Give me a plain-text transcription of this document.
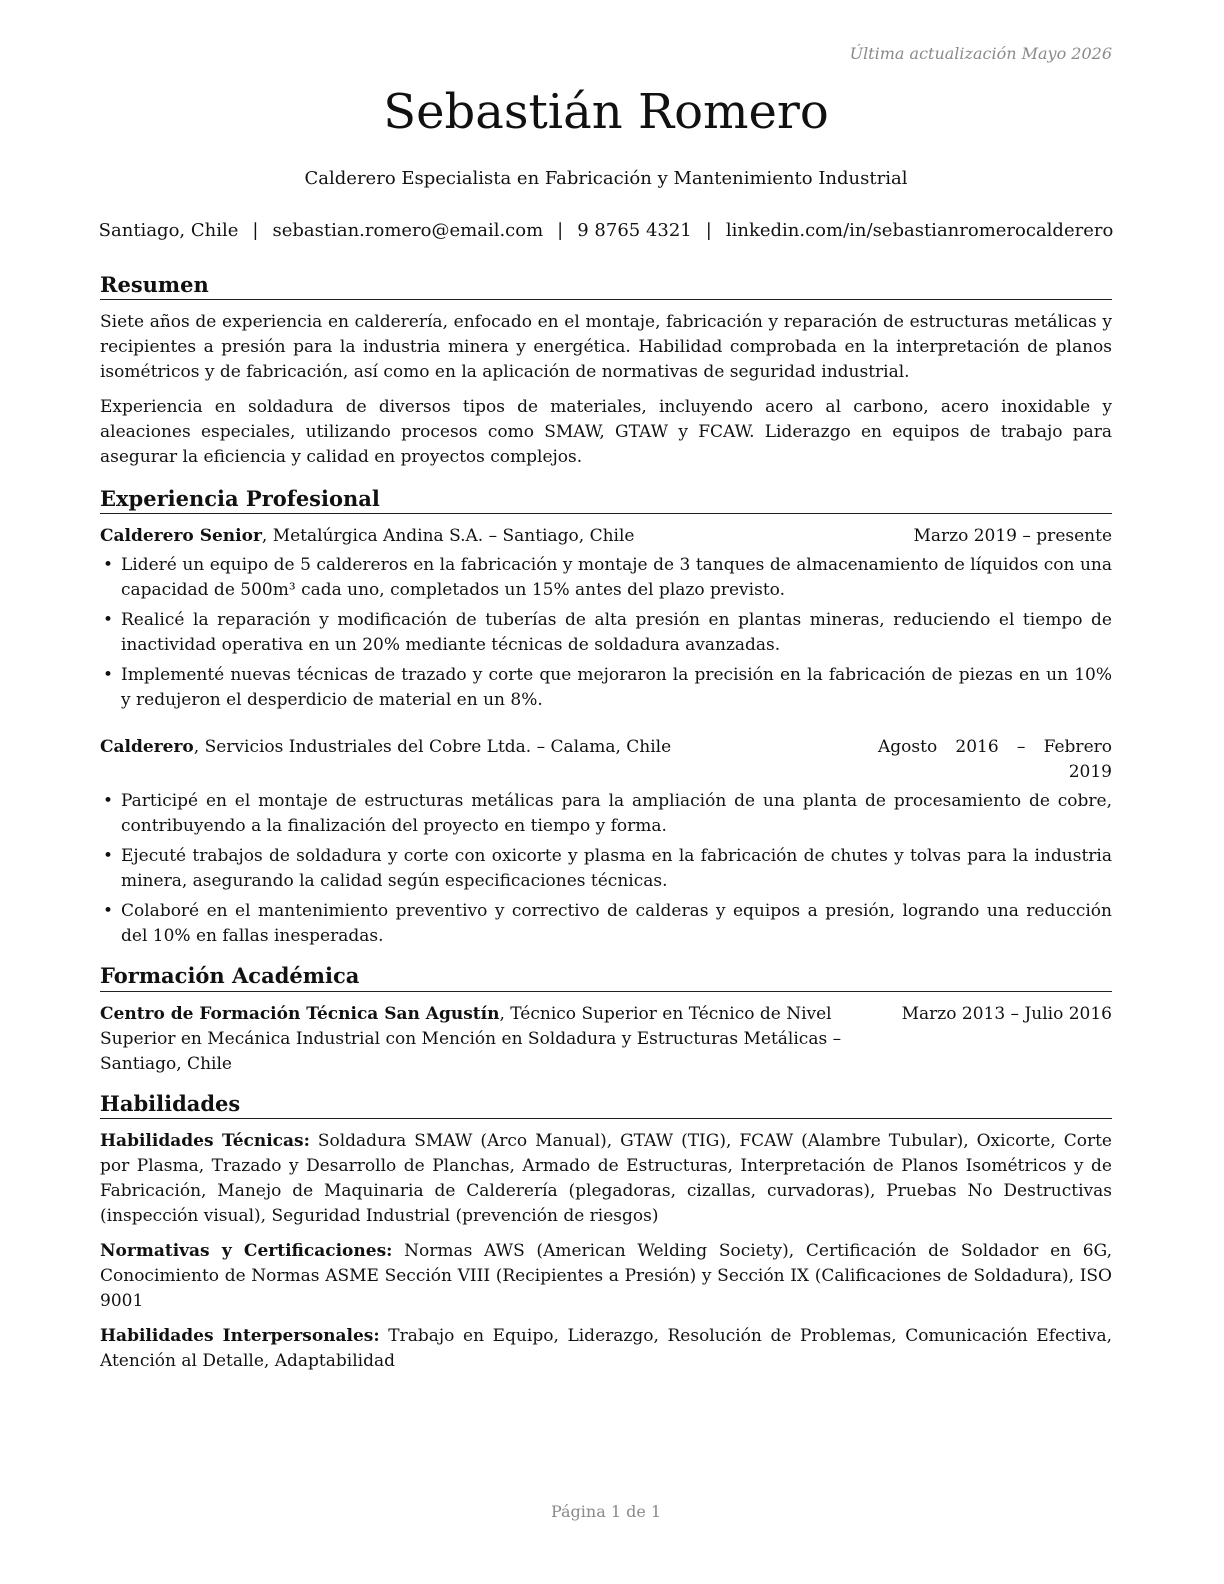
Última actualización Mayo 2026
Sebastián Romero
Calderero Especialista en Fabricación y Mantenimiento Industrial
Santiago, Chile | sebastian.romero@email.com | 9 8765 4321 | linkedin.com/in/sebastianromerocalderero
Resumen

Siete años de experiencia en calderería, enfocado en el montaje, fabricación y reparación de estructuras metálicas y recipientes a presión para la industria minera y energética. Habilidad comprobada en la interpretación de planos isométricos y de fabricación, así como en la aplicación de normativas de seguridad industrial.

Experiencia en soldadura de diversos tipos de materiales, incluyendo acero al carbono, acero inoxidable y aleaciones especiales, utilizando procesos como SMAW, GTAW y FCAW. Liderazgo en equipos de trabajo para asegurar la eficiencia y calidad en proyectos complejos.

Experiencia Profesional
Calderero Senior, Metalúrgica Andina S.A. – Santiago, Chile	Marzo 2019 – presente
• Lideré un equipo de 5 caldereros en la fabricación y montaje de 3 tanques de almacenamiento de líquidos con una capacidad de 500m³ cada uno, completados un 15% antes del plazo previsto.
• Realicé la reparación y modificación de tuberías de alta presión en plantas mineras, reduciendo el tiempo de inactividad operativa en un 20% mediante técnicas de soldadura avanzadas.
• Implementé nuevas técnicas de trazado y corte que mejoraron la precisión en la fabricación de piezas en un 10% y redujeron el desperdicio de material en un 8%.
Calderero, Servicios Industriales del Cobre Ltda. – Calama, Chile	Agosto 2016 – Febrero 2019
• Participé en el montaje de estructuras metálicas para la ampliación de una planta de procesamiento de cobre, contribuyendo a la finalización del proyecto en tiempo y forma.
• Ejecuté trabajos de soldadura y corte con oxicorte y plasma en la fabricación de chutes y tolvas para la industria minera, asegurando la calidad según especificaciones técnicas.
• Colaboré en el mantenimiento preventivo y correctivo de calderas y equipos a presión, logrando una reducción del 10% en fallas inesperadas.
Formación Académica
Centro de Formación Técnica San Agustín, Técnico Superior en Técnico de Nivel Superior en Mecánica Industrial con Mención en Soldadura y Estructuras Metálicas – Santiago, Chile
Marzo 2013 – Julio 2016
Habilidades

Habilidades Técnicas: Soldadura SMAW (Arco Manual), GTAW (TIG), FCAW (Alambre Tubular), Oxicorte, Corte por Plasma, Trazado y Desarrollo de Planchas, Armado de Estructuras, Interpretación de Planos Isométricos y de Fabricación, Manejo de Maquinaria de Calderería (plegadoras, cizallas, curvadoras), Pruebas No Destructivas (inspección visual), Seguridad Industrial (prevención de riesgos)

Normativas y Certificaciones: Normas AWS (American Welding Society), Certificación de Soldador en 6G, Conocimiento de Normas ASME Sección VIII (Recipientes a Presión) y Sección IX (Calificaciones de Soldadura), ISO 9001

Habilidades Interpersonales: Trabajo en Equipo, Liderazgo, Resolución de Problemas, Comunicación Efectiva, Atención al Detalle, Adaptabilidad

Página 1 de 1
